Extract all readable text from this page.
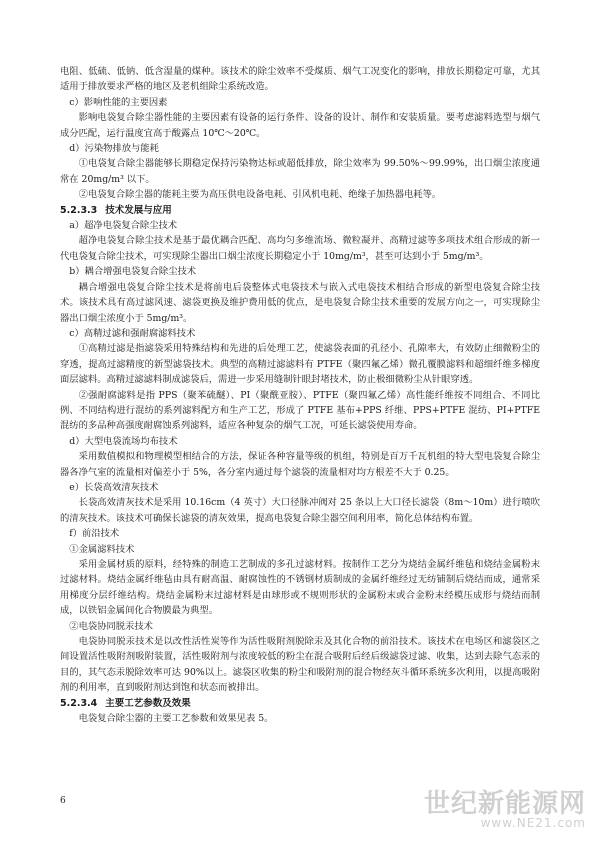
电阻、低硫、低钠、低含湿量的煤种。该技术的除尘效率不受煤质、烟气工况变化的影响，排放长期稳定可靠，尤其适用于排放要求严格的地区及老机组除尘系统改造。

c）影响性能的主要因素

影响电袋复合除尘器性能的主要因素有设备的运行条件、设备的设计、制作和安装质量。要考虑滤料选型与烟气成分匹配，运行温度宜高于酸露点 10℃～20℃。

d）污染物排放与能耗

①电袋复合除尘器能够长期稳定保持污染物达标或超低排放，除尘效率为 99.50%～99.99%，出口烟尘浓度通常在 20mg/m³ 以下。

②电袋复合除尘器的能耗主要为高压供电设备电耗、引风机电耗、绝缘子加热器电耗等。

5.2.3.3 技术发展与应用

a）超净电袋复合除尘技术

超净电袋复合除尘技术是基于最优耦合匹配、高均匀多维流场、微粒凝并、高精过滤等多项技术组合形成的新一代电袋复合除尘技术，可实现除尘器出口烟尘浓度长期稳定小于 10mg/m³，甚至可达到小于 5mg/m³。

b）耦合增强电袋复合除尘技术

耦合增强电袋复合除尘技术是将前电后袋整体式电袋技术与嵌入式电袋技术相结合形成的新型电袋复合除尘技术。该技术具有高过滤风速、滤袋更换及维护费用低的优点，是电袋复合除尘技术重要的发展方向之一，可实现除尘器出口烟尘浓度小于 5mg/m³。

c）高精过滤和强耐腐滤料技术

①高精过滤是指滤袋采用特殊结构和先进的后处理工艺，使滤袋表面的孔径小、孔隙率大，有效防止细微粉尘的穿透，提高过滤精度的新型滤袋技术。典型的高精过滤滤料有 PTFE（聚四氟乙烯）微孔覆膜滤料和超细纤维多梯度面层滤料。高精过滤滤料制成滤袋后，需进一步采用缝制针眼封堵技术，防止极细微粉尘从针眼穿透。

②强耐腐滤料是指 PPS（聚苯硫醚）、PI（聚酰亚胺）、PTFE（聚四氟乙烯）高性能纤维按不同组合、不同比例、不同结构进行混纺的系列滤料配方和生产工艺，形成了 PTFE 基布+PPS 纤维、PPS+PTFE 混纺、PI+PTFE 混纺的多品种高强度耐腐蚀系列滤料，适应各种复杂的烟气工况，可延长滤袋使用寿命。

d）大型电袋流场均布技术

采用数值模拟和物理模型相结合的方法，保证各种容量等级的机组，特别是百万千瓦机组的特大型电袋复合除尘器各净气室的流量相对偏差小于 5%，各分室内通过每个滤袋的流量相对均方根差不大于 0.25。

e）长袋高效清灰技术

长袋高效清灰技术是采用 10.16cm（4 英寸）大口径脉冲阀对 25 条以上大口径长滤袋（8m～10m）进行喷吹的清灰技术。该技术可确保长滤袋的清灰效果，提高电袋复合除尘器空间利用率，简化总体结构布置。

f）前沿技术

①金属滤料技术

采用金属材质的原料，经特殊的制造工艺制成的多孔过滤材料。按制作工艺分为烧结金属纤维毡和烧结金属粉末过滤材料。烧结金属纤维毡由具有耐高温、耐腐蚀性的不锈钢材质制成的金属纤维经过无纺铺制后烧结而成，通常采用梯度分层纤维结构。烧结金属粉末过滤材料是由球形或不规则形状的金属粉末或合金粉末经模压成形与烧结而制成，以铁铝金属间化合物膜最为典型。

②电袋协同脱汞技术

电袋协同脱汞技术是以改性活性炭等作为活性吸附剂脱除汞及其化合物的前沿技术。该技术在电场区和滤袋区之间设置活性吸附剂吸附装置，活性吸附剂与浓度较低的粉尘在混合吸附后经后级滤袋过滤、收集，达到去除气态汞的目的，其气态汞脱除效率可达 90%以上。滤袋区收集的粉尘和吸附剂的混合物经灰斗循环系统多次利用，以提高吸附剂的利用率，直到吸附剂达到饱和状态而被排出。

5.2.3.4 主要工艺参数及效果

电袋复合除尘器的主要工艺参数和效果见表 5。

6	世纪新能源网
www.NE21.com
